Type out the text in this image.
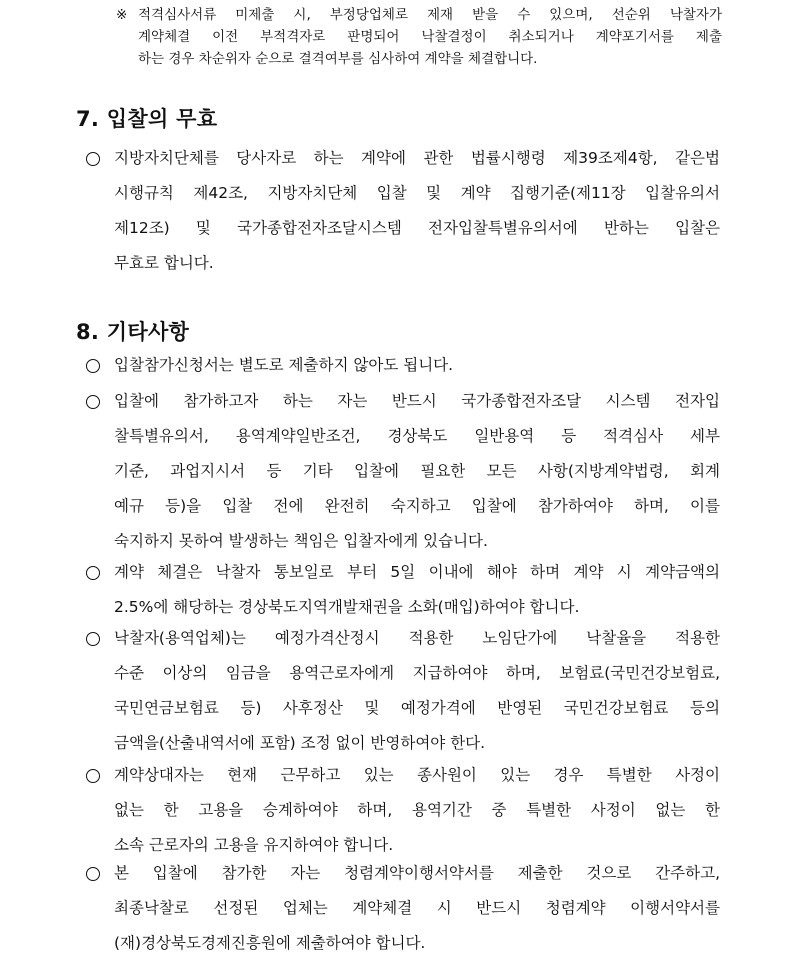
※ 적격심사서류 미제출 시, 부정당업체로 제재 받을 수 있으며, 선순위 낙찰자가
계약체결 이전 부적격자로 판명되어 낙찰결정이 취소되거나 계약포기서를 제출
하는 경우 차순위자 순으로 결격여부를 심사하여 계약을 체결합니다.
7. 입찰의 무효
지방자치단체를 당사자로 하는 계약에 관한 법률시행령 제39조제4항, 같은법
시행규칙 제42조, 지방자치단체 입찰 및 계약 집행기준(제11장 입찰유의서
제12조) 및 국가종합전자조달시스템 전자입찰특별유의서에 반하는 입찰은
무효로 합니다.
8. 기타사항
입찰참가신청서는 별도로 제출하지 않아도 됩니다.
입찰에 참가하고자 하는 자는 반드시 국가종합전자조달 시스템 전자입
찰특별유의서, 용역계약일반조건, 경상북도 일반용역 등 적격심사 세부
기준, 과업지시서 등 기타 입찰에 필요한 모든 사항(지방계약법령, 회계
예규 등)을 입찰 전에 완전히 숙지하고 입찰에 참가하여야 하며, 이를
숙지하지 못하여 발생하는 책임은 입찰자에게 있습니다.
계약 체결은 낙찰자 통보일로 부터 5일 이내에 해야 하며 계약 시 계약금액의
2.5%에 해당하는 경상북도지역개발채권을 소화(매입)하여야 합니다.
낙찰자(용역업체)는 예정가격산정시 적용한 노임단가에 낙찰율을 적용한
수준 이상의 임금을 용역근로자에게 지급하여야 하며, 보험료(국민건강보험료,
국민연금보험료 등) 사후정산 및 예정가격에 반영된 국민건강보험료 등의
금액을(산출내역서에 포함) 조정 없이 반영하여야 한다.
계약상대자는 현재 근무하고 있는 종사원이 있는 경우 특별한 사정이
없는 한 고용을 승계하여야 하며, 용역기간 중 특별한 사정이 없는 한
소속 근로자의 고용을 유지하여야 합니다.
본 입찰에 참가한 자는 청렴계약이행서약서를 제출한 것으로 간주하고,
최종낙찰로 선정된 업체는 계약체결 시 반드시 청렴계약 이행서약서를
(재)경상북도경제진흥원에 제출하여야 합니다.
